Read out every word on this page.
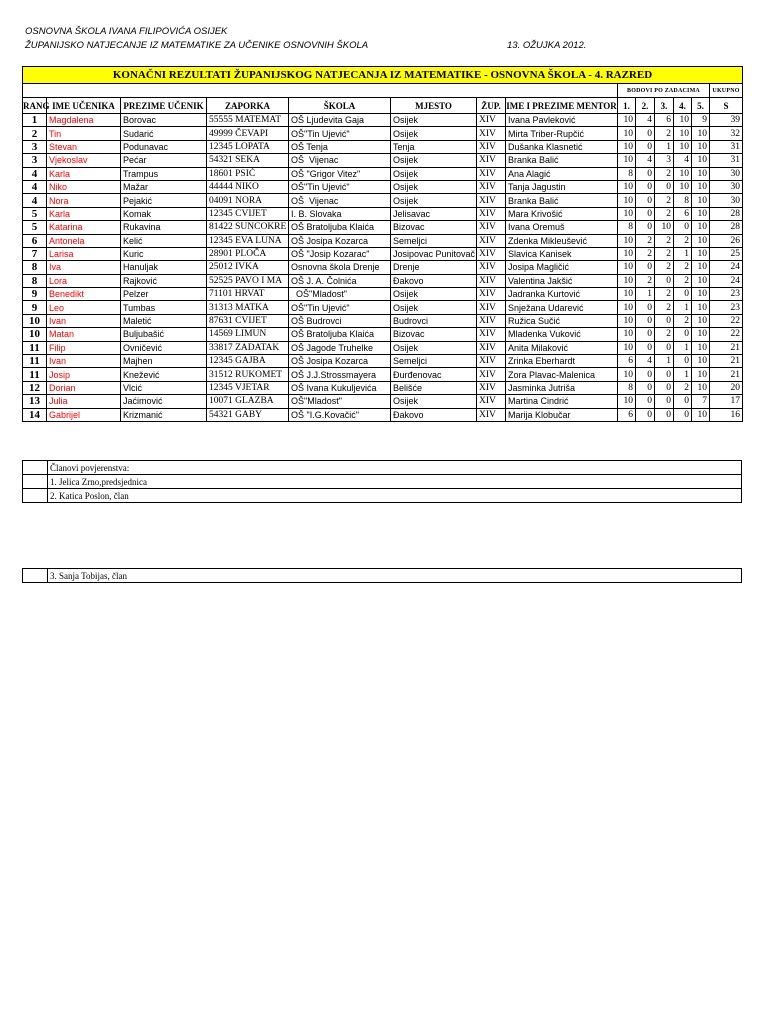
OSNOVNA ŠKOLA IVANA FILIPOVIĆA OSIJEK
ŽUPANIJSKO NATJECANJE IZ MATEMATIKE ZA UČENIKE OSNOVNIH ŠKOLA	13. OŽUJKA 2012.
KONAČNI REZULTATI ŽUPANIJSKOG NATJECANJA IZ MATEMATIKE - OSNOVNA ŠKOLA - 4. RAZRED													
								BODOVI PO ZADACIMA					UKUPNO
RANG	IME UČENIKA	PREZIME UČENIK	ZAPORKA	ŠKOLA	MJESTO	ŽUP.	IME I PREZIME MENTOR	1.	2.	3.	4.	5.	S
1	Magdalena	Borovac	55555 MATEMAT	OŠ Ljudevita Gaja	Osijek	XIV	Ivana Pavleković	10	4	6	10	9	39
2	Tin	Sudarić	49999 ČEVAPI	OŠ"Tin Ujević"	Osijek	XIV	Mirta Triber-Rupčić	10	0	2	10	10	32
3	Stevan	Podunavac	12345 LOPATA	OŠ Tenja	Tenja	XIV	Dušanka Klasnetić	10	0	1	10	10	31
3	Vjekoslav	Pećar	54321 SEKA	OŠ  Vijenac	Osijek	XIV	Branka Balić	10	4	3	4	10	31
4	Karla	Trampus	18601 PSIĆ	OŠ "Grigor Vitez"	Osijek	XIV	Ana Alagić	8	0	2	10	10	30
4	Niko	Mažar	44444 NIKO	OŠ"Tin Ujević"	Osijek	XIV	Tanja Jagustin	10	0	0	10	10	30
4	Nora	Pejakić	04091 NORA	OŠ  Vijenac	Osijek	XIV	Branka Balić	10	0	2	8	10	30
5	Karla	Komak	12345 CVIJET	I. B. Slovaka	Jelisavac	XIV	Mara Krivošić	10	0	2	6	10	28
5	Katarina	Rukavina	81422 SUNCOKRE	OŠ Bratoljuba Klaića	Bizovac	XIV	Ivana Oremuš	8	0	10	0	10	28
6	Antonela	Kelić	12345 EVA LUNA	OŠ Josipa Kozarca	Semeljci	XIV	Zdenka Mikleušević	10	2	2	2	10	26
7	Larisa	Kuric	28901 PLOČA	OŠ "Josip Kozarac"	Josipovac Punitovač	XIV	Slavica Kanisek	10	2	2	1	10	25
8	Iva	Hanuljak	25012 IVKA	Osnovna škola Drenje	Drenje	XIV	Josipa Magličić	10	0	2	2	10	24
8	Lora	Rajković	52525 PAVO I MA	OŠ J. A. Čolnića	Đakovo	XIV	Valentina Jakšić	10	2	0	2	10	24
9	Benedikt	Pelzer	71101 HRVAT	OŠ"Mladost"	Osijek	XIV	Jadranka Kurtović	10	1	2	0	10	23
9	Leo	Tumbas	31313 MATKA	OŠ"Tin Ujević"	Osijek	XIV	Snježana Udarević	10	0	2	1	10	23
10	Ivan	Maletić	87631 CVIJET	OŠ Budrovci	Budrovci	XIV	Ružica Sučić	10	0	0	2	10	22
10	Matan	Buljubašić	14569 LIMUN	OŠ Bratoljuba Klaića	Bizovac	XIV	Mladenka Vuković	10	0	2	0	10	22
11	Filip	Ovničević	33817 ZADATAK	OŠ Jagode Truhelke	Osijek	XIV	Anita Milaković	10	0	0	1	10	21
11	Ivan	Majhen	12345 GAJBA	OŠ Josipa Kozarca	Semeljci	XIV	Zrinka Eberhardt	6	4	1	0	10	21
11	Josip	Knežević	31512 RUKOMET	OŠ J.J.Strossmayera	Đurđenovac	XIV	Zora Plavac-Malenica	10	0	0	1	10	21
12	Dorian	Vlcić	12345 VJETAR	OŠ Ivana Kukuljevića	Belišće	XIV	Jasminka Jutriša	8	0	0	2	10	20
13	Julia	Jaćimović	10071 GLAZBA	OŠ"Mladost"	Osijek	XIV	Martina Cindrić	10	0	0	0	7	17
14	Gabrijel	Krizmanić	54321 GABY	OŠ "I.G.Kovačić"	Đakovo	XIV	Marija Klobučar	6	0	0	0	10	16
	Članovi povjerenstva:
	1. Jelica Zrno,predsjednica
	2. Katica Poslon, član
	3. Sanja Tobijas, član
